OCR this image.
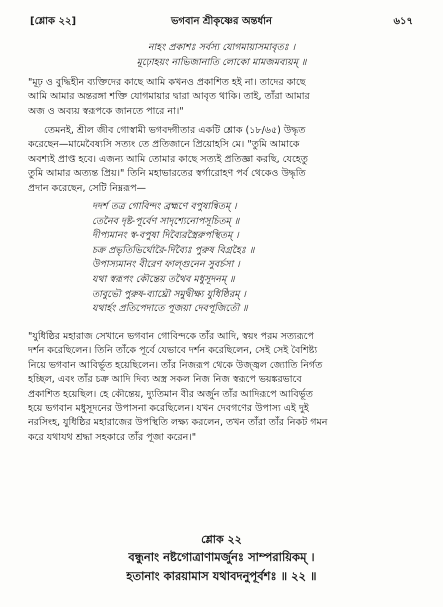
[শ্লোক ২২]	ভগবান শ্রীকৃষ্ণের অন্তর্ধান	৬১৭
নাহং প্রকাশঃ সর্বস্য যোগমায়াসমাবৃতঃ ।
মূঢ়োহয়ং নাভিজানাতি লোকো মামজমব্যয়ম্ ॥
"মূঢ় ও বুদ্ধিহীন ব্যক্তিদের কাছে আমি কখনও প্রকাশিত হই না। তাদের কাছে
আমি আমার অন্তরঙ্গা শক্তি যোগমায়ার দ্বারা আবৃত থাকি। তাই, তাঁরা আমার
অজ ও অব্যয় স্বরূপকে জানতে পারে না।"
তেমনই, শ্রীল জীব গোস্বামী ভগবদ্গীতার একটি শ্লোক (১৮/৬৫) উদ্ধৃত
করেছেন—মামেবৈষ্যসি সত্যং তে প্রতিজানে প্রিয়োহসি মে। "তুমি আমাকে
অবশ্যই প্রাপ্ত হবে। এজন্য আমি তোমার কাছে সত্যই প্রতিজ্ঞা করছি, যেহেতু
তুমি আমার অত্যন্ত প্রিয়।" তিনি মহাভারতের স্বর্গারোহণ পর্ব থেকেও উদ্ধৃতি
প্রদান করেছেন, সেটি নিম্নরূপ—
দদর্শ তত্র গোবিন্দং ব্রহ্মণে বপুষান্বিতম্ ।
তেনৈব দৃষ্ট-পূর্বেণ সাদৃশ্যেনোপসূচিতম্ ॥
দীপ্যমানং স্ব-বপুষা দিব্যৈরস্ত্রৈরুপস্থিতম্ ।
চক্র প্রভৃতিভির্ঘোরৈ-র্দিব্যৈঃ পুরুষ বিগ্রহৈঃ ॥
উপাস্যমানং বীরেণ ফাল্গুনেন সুবর্চসা ।
যথা স্বরূপং কৌন্তেয় তথৈব মধুসূদনম্ ॥
তাবুভৌ পুরুষ-ব্যাঘ্রৌ সমুদ্বীক্ষ্য যুধিষ্ঠিরম্ ।
যথার্হং প্রতিপেদাতে পূজয়া দেবপূজিতৌ ॥
"যুধিষ্ঠির মহারাজ সেখানে ভগবান গোবিন্দকে তাঁর আদি, স্বয়ং পরম সত্যরূপে
দর্শন করেছিলেন। তিনি তাঁকে পূর্বে যেভাবে দর্শন করেছিলেন, সেই সেই বৈশিষ্ট্য
নিয়ে ভগবান আবির্ভূত হয়েছিলেন। তাঁর নিজরূপ থেকে উজ্জ্বল জ্যোতি নির্গত
হচ্ছিল, এবং তাঁর চক্র আদি দিব্য অস্ত্র সকল নিজ নিজ স্বরূপে ভয়ঙ্করভাবে
প্রকাশিত হয়েছিল। হে কৌন্তেয়, দ্যুতিমান বীর অর্জুন তাঁর আদিরূপে আবির্ভূত
হয়ে ভগবান মধুসূদনের উপাসনা করেছিলেন। যখন দেবগণের উপাস্য এই দুই
নরসিংহ, যুধিষ্ঠির মহারাজের উপস্থিতি লক্ষ্য করলেন, তখন তাঁরা তাঁর নিকট গমন
করে যথাযথ শ্রদ্ধা সহকারে তাঁর পূজা করেন।"
শ্লোক ২২
বন্ধুনাং নষ্টগোত্রাণামর্জুনঃ সাম্পরায়িকম্ ।
হতানাং কারয়ামাস যথাবদনুপূর্বশঃ ॥ ২২ ॥
